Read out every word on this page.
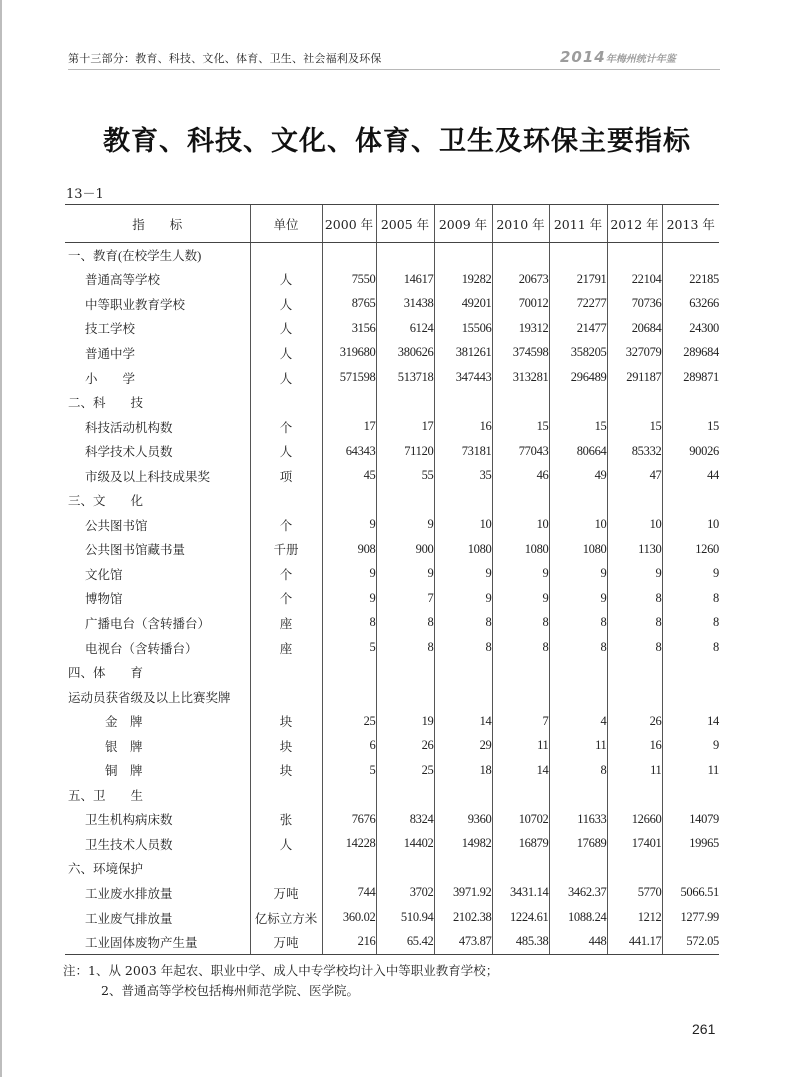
第十三部分：教育、科技、文化、体育、卫生、社会福利及环保	2014年梅州统计年鉴
教育、科技、文化、体育、卫生及环保主要指标
13－1
指　　标	单位	2000 年	2005 年	2009 年	2010 年	2011 年	2012 年	2013 年
一、教育(在校学生人数)								
普通高等学校	人	7550	14617	19282	20673	21791	22104	22185
中等职业教育学校	人	8765	31438	49201	70012	72277	70736	63266
技工学校	人	3156	6124	15506	19312	21477	20684	24300
普通中学	人	319680	380626	381261	374598	358205	327079	289684
小　　学	人	571598	513718	347443	313281	296489	291187	289871
二、科　　技								
科技活动机构数	个	17	17	16	15	15	15	15
科学技术人员数	人	64343	71120	73181	77043	80664	85332	90026
市级及以上科技成果奖	项	45	55	35	46	49	47	44
三、文　　化								
公共图书馆	个	9	9	10	10	10	10	10
公共图书馆藏书量	千册	908	900	1080	1080	1080	1130	1260
文化馆	个	9	9	9	9	9	9	9
博物馆	个	9	7	9	9	9	8	8
广播电台（含转播台）	座	8	8	8	8	8	8	8
电视台（含转播台）	座	5	8	8	8	8	8	8
四、体　　育								
运动员获省级及以上比赛奖牌								
金　牌	块	25	19	14	7	4	26	14
银　牌	块	6	26	29	11	11	16	9
铜　牌	块	5	25	18	14	8	11	11
五、卫　　生								
卫生机构病床数	张	7676	8324	9360	10702	11633	12660	14079
卫生技术人员数	人	14228	14402	14982	16879	17689	17401	19965
六、环境保护								
工业废水排放量	万吨	744	3702	3971.92	3431.14	3462.37	5770	5066.51
工业废气排放量	亿标立方米	360.02	510.94	2102.38	1224.61	1088.24	1212	1277.99
工业固体废物产生量	万吨	216	65.42	473.87	485.38	448	441.17	572.05
注：1、从 2003 年起农、职业中学、成人中专学校均计入中等职业教育学校；
2、普通高等学校包括梅州师范学院、医学院。
261
